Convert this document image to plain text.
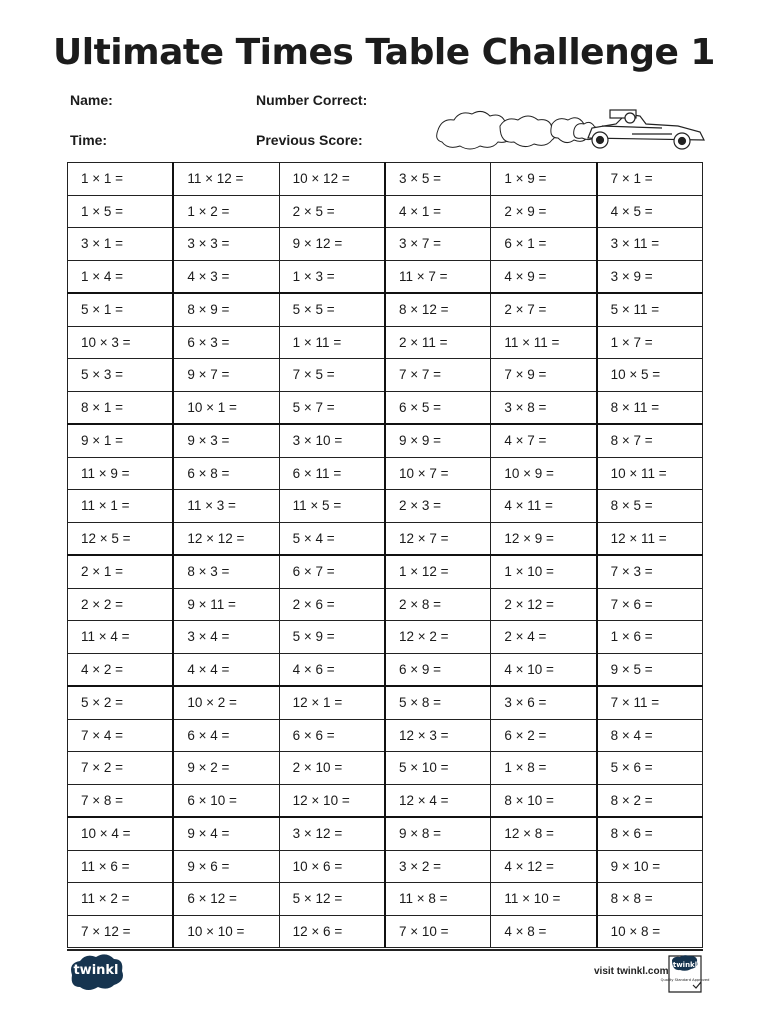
Ultimate Times Table Challenge 1
Name:	Number Correct:
Time:	Previous Score:
1 × 1 =	11 × 12 =	10 × 12 =	3 × 5 =	1 × 9 =	7 × 1 =
1 × 5 =	1 × 2 =	2 × 5 =	4 × 1 =	2 × 9 =	4 × 5 =
3 × 1 =	3 × 3 =	9 × 12 =	3 × 7 =	6 × 1 =	3 × 11 =
1 × 4 =	4 × 3 =	1 × 3 =	11 × 7 =	4 × 9 =	3 × 9 =
5 × 1 =	8 × 9 =	5 × 5 =	8 × 12 =	2 × 7 =	5 × 11 =
10 × 3 =	6 × 3 =	1 × 11 =	2 × 11 =	11 × 11 =	1 × 7 =
5 × 3 =	9 × 7 =	7 × 5 =	7 × 7 =	7 × 9 =	10 × 5 =
8 × 1 =	10 × 1 =	5 × 7 =	6 × 5 =	3 × 8 =	8 × 11 =
9 × 1 =	9 × 3 =	3 × 10 =	9 × 9 =	4 × 7 =	8 × 7 =
11 × 9 =	6 × 8 =	6 × 11 =	10 × 7 =	10 × 9 =	10 × 11 =
11 × 1 =	11 × 3 =	11 × 5 =	2 × 3 =	4 × 11 =	8 × 5 =
12 × 5 =	12 × 12 =	5 × 4 =	12 × 7 =	12 × 9 =	12 × 11 =
2 × 1 =	8 × 3 =	6 × 7 =	1 × 12 =	1 × 10 =	7 × 3 =
2 × 2 =	9 × 11 =	2 × 6 =	2 × 8 =	2 × 12 =	7 × 6 =
11 × 4 =	3 × 4 =	5 × 9 =	12 × 2 =	2 × 4 =	1 × 6 =
4 × 2 =	4 × 4 =	4 × 6 =	6 × 9 =	4 × 10 =	9 × 5 =
5 × 2 =	10 × 2 =	12 × 1 =	5 × 8 =	3 × 6 =	7 × 11 =
7 × 4 =	6 × 4 =	6 × 6 =	12 × 3 =	6 × 2 =	8 × 4 =
7 × 2 =	9 × 2 =	2 × 10 =	5 × 10 =	1 × 8 =	5 × 6 =
7 × 8 =	6 × 10 =	12 × 10 =	12 × 4 =	8 × 10 =	8 × 2 =
10 × 4 =	9 × 4 =	3 × 12 =	9 × 8 =	12 × 8 =	8 × 6 =
11 × 6 =	9 × 6 =	10 × 6 =	3 × 2 =	4 × 12 =	9 × 10 =
11 × 2 =	6 × 12 =	5 × 12 =	11 × 8 =	11 × 10 =	8 × 8 =
7 × 12 =	10 × 10 =	12 × 6 =	7 × 10 =	4 × 8 =	10 × 8 =
twinkl	visit twinkl.com
twinkl
Quality Standard Approved
